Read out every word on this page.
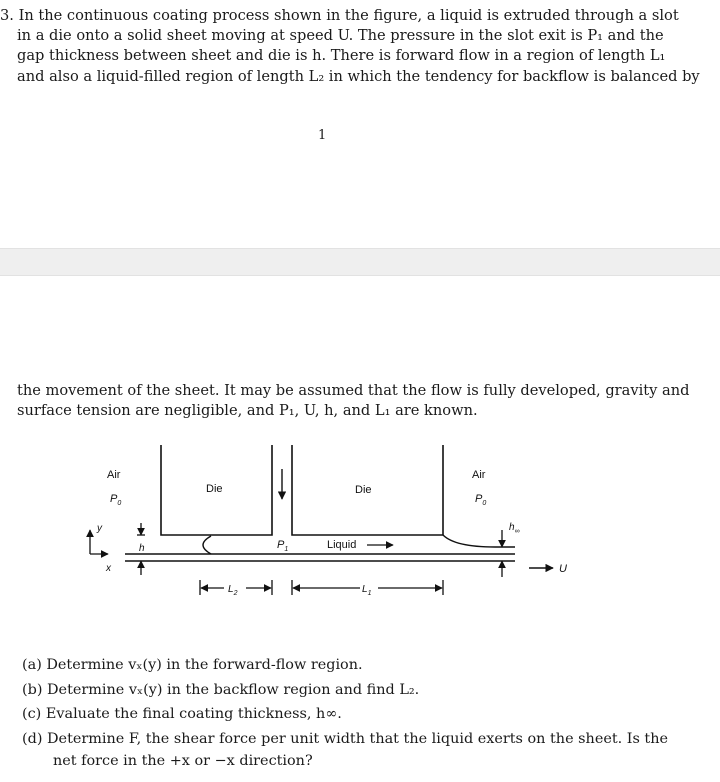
3. In the continuous coating process shown in the figure, a liquid is extruded through a slot
in a die onto a solid sheet moving at speed U. The pressure in the slot exit is P₁ and the
gap thickness between sheet and die is h. There is forward flow in a region of length L₁
and also a liquid-filled region of length L₂ in which the tendency for backflow is balanced by
1
the movement of the sheet. It may be assumed that the flow is fully developed, gravity and
surface tension are negligible, and P₁, U, h, and L₁ are known.
y
x
h
$h_\infty$
U
Liquid
$P_1$
Air
$P_0$
Air
$P_0$
Die	Die
$L_2$	$L_1$
(a) Determine vₓ(y) in the forward-flow region.
(b) Determine vₓ(y) in the backflow region and find L₂.
(c) Evaluate the final coating thickness, h∞.
(d) Determine F, the shear force per unit width that the liquid exerts on the sheet. Is the
net force in the +x or −x direction?
